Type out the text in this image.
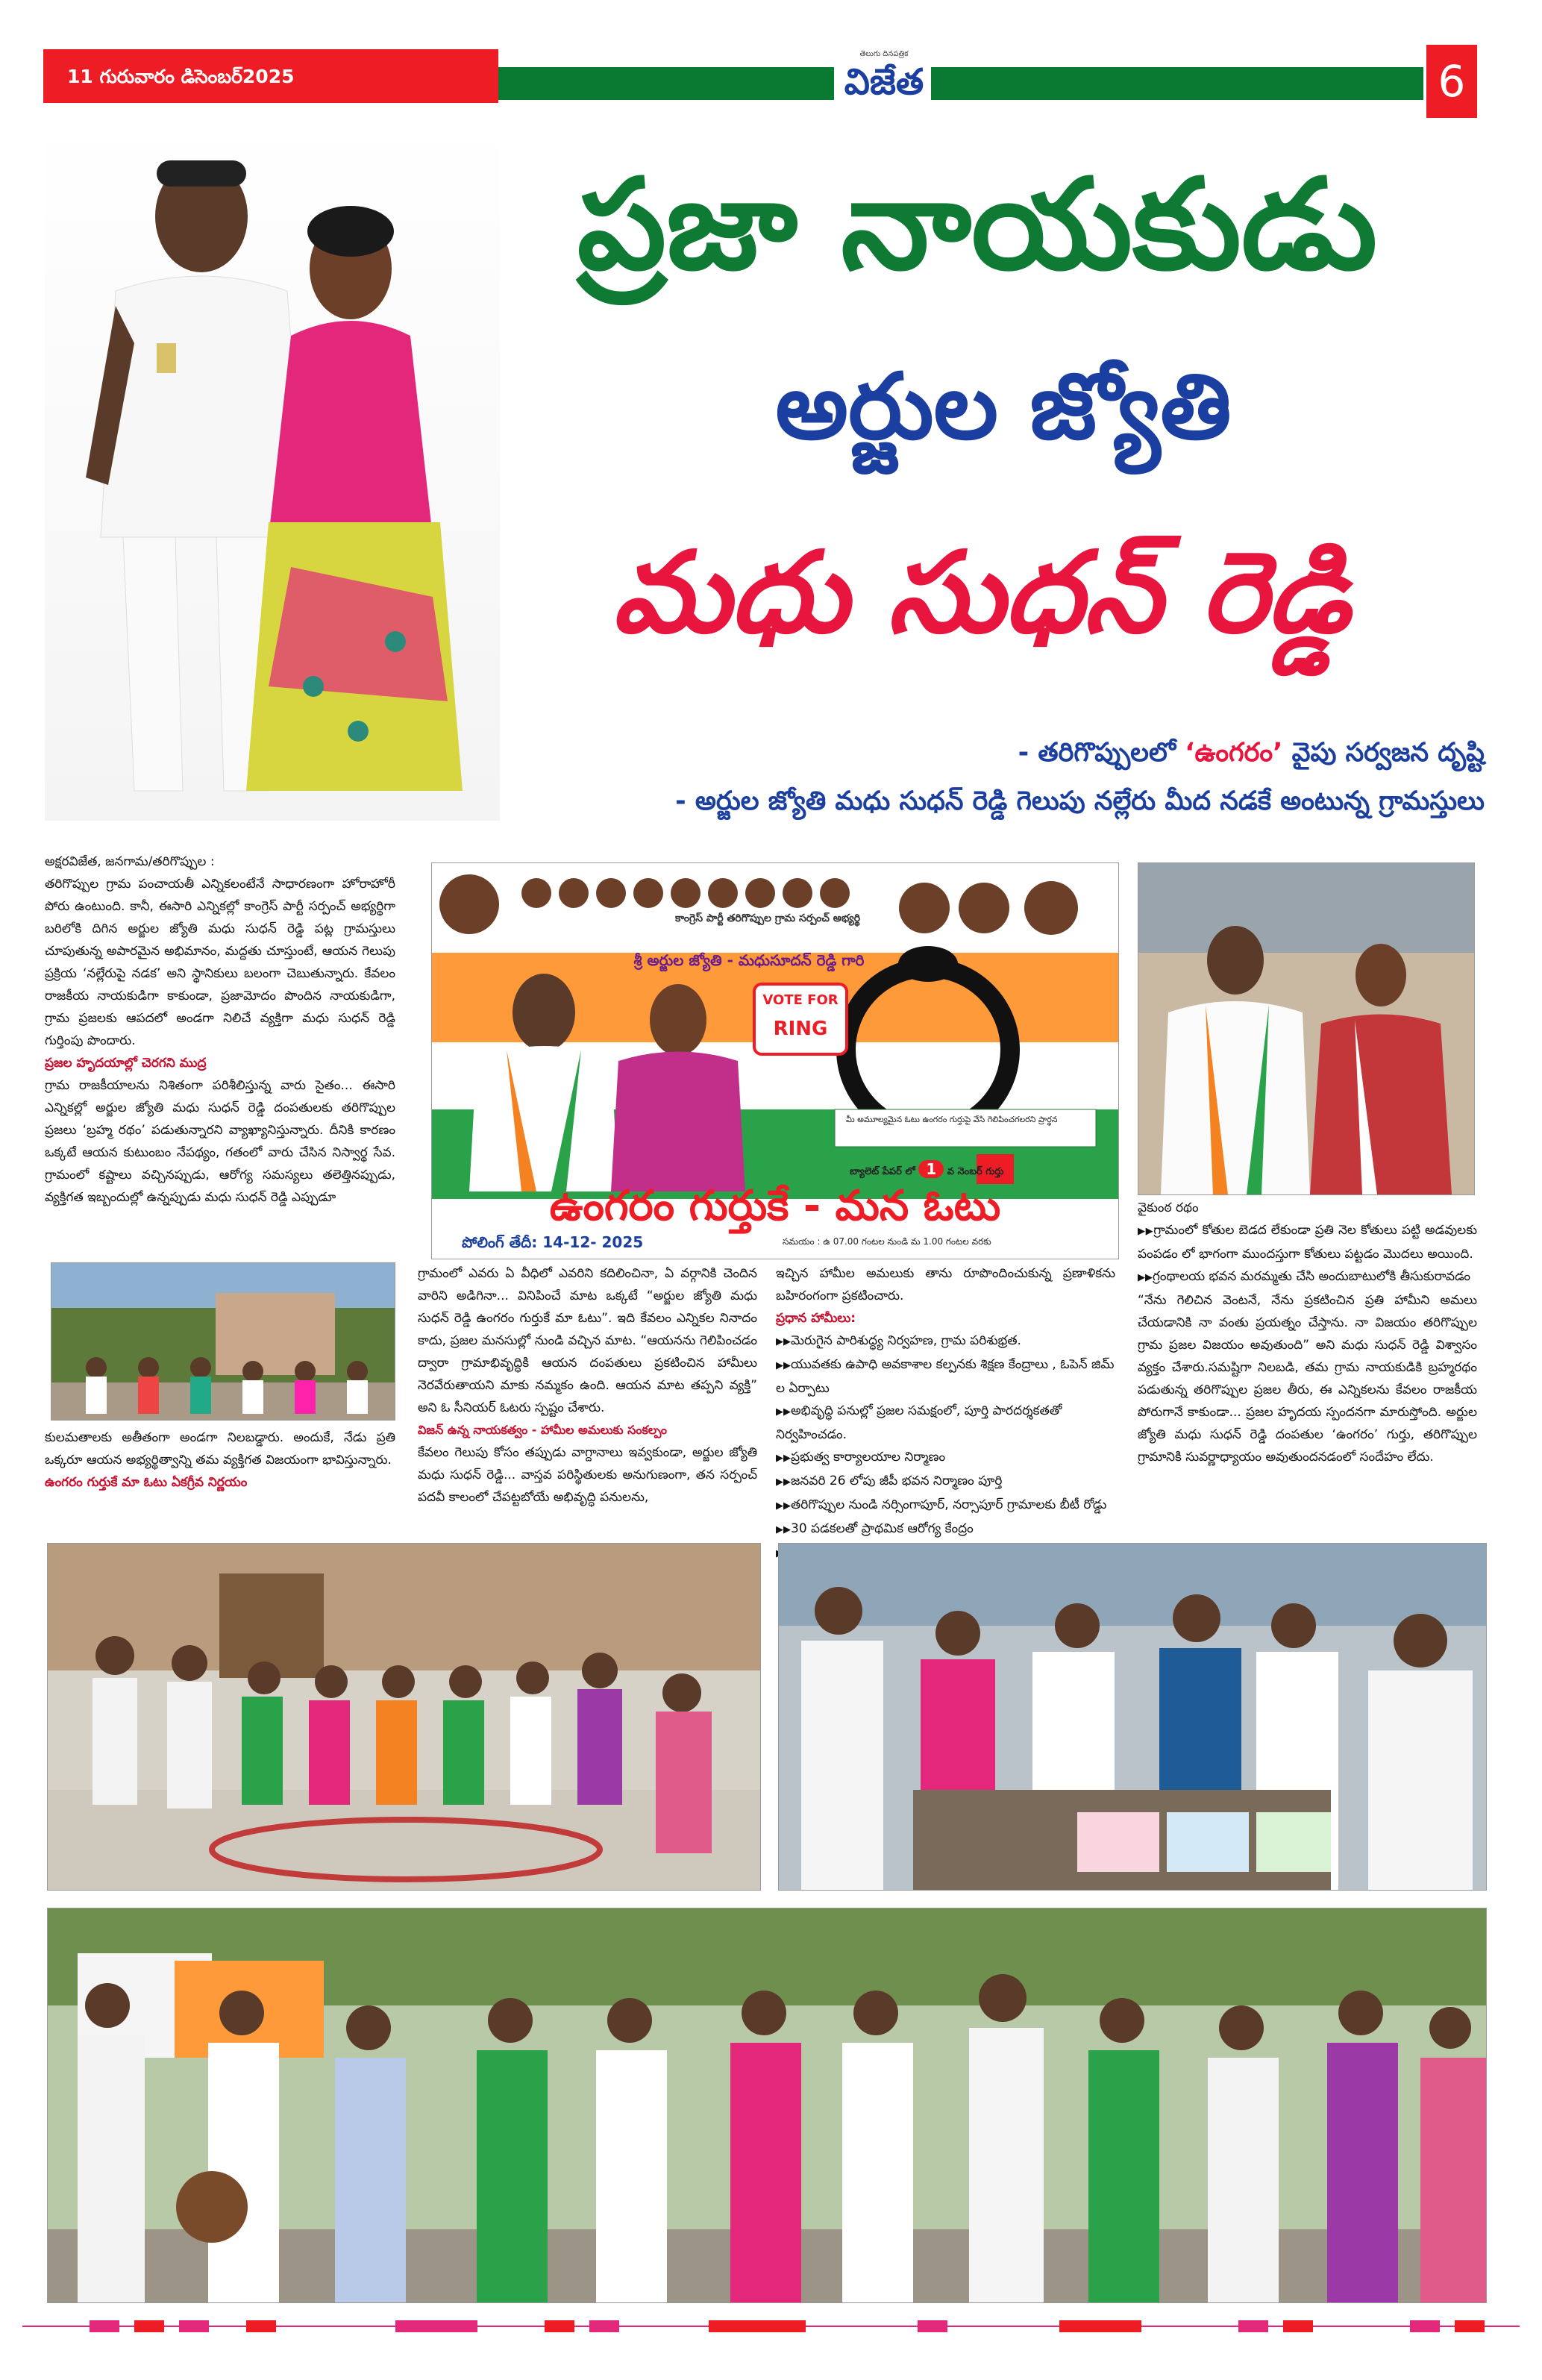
11 గురువారం డిసెంబర్2025
తెలుగు దినపత్రిక
విజేత	6
ప్రజా నాయకుడు
అర్జుల జ్యోతి
మధు సుధన్ రెడ్డి
- తరిగొప్పులలో ‘ఉంగరం’ వైపు సర్వజన దృష్టి
- అర్జుల జ్యోతి మధు సుధన్ రెడ్డి గెలుపు నల్లేరు మీద నడకే అంటున్న గ్రామస్తులు
అక్షరవిజేత, జనగామ/తరిగొప్పుల :
తరిగొప్పుల గ్రామ పంచాయతీ ఎన్నికలంటేనే సాధారణంగా హోరాహోరీ పోరు ఉంటుంది. కానీ, ఈసారి ఎన్నికల్లో కాంగ్రెస్ పార్టీ సర్పంచ్ అభ్యర్థిగా బరిలోకి దిగిన అర్జుల జ్యోతి మధు సుధన్ రెడ్డి పట్ల గ్రామస్తులు చూపుతున్న అపారమైన అభిమానం, మద్దతు చూస్తుంటే, ఆయన గెలుపు ప్రక్రియ ‘నల్లేరుపై నడక’ అని స్థానికులు బలంగా చెబుతున్నారు. కేవలం రాజకీయ నాయకుడిగా కాకుండా, ప్రజామోదం పొందిన నాయకుడిగా, గ్రామ ప్రజలకు ఆపదలో అండగా నిలిచే వ్యక్తిగా మధు సుధన్ రెడ్డి గుర్తింపు పొందారు.
ప్రజల హృదయాల్లో చెరగని ముద్ర
గ్రామ రాజకీయాలను నిశితంగా పరిశీలిస్తున్న వారు సైతం... ఈసారి ఎన్నికల్లో అర్జుల జ్యోతి మధు సుధన్ రెడ్డి దంపతులకు తరిగొప్పుల ప్రజలు ‘బ్రహ్మ రథం’ పడుతున్నారని వ్యాఖ్యానిస్తున్నారు. దీనికి కారణం ఒక్కటే ఆయన కుటుంబం నేపథ్యం, గతంలో వారు చేసిన నిస్వార్థ సేవ. గ్రామంలో కష్టాలు వచ్చినప్పుడు, ఆరోగ్య సమస్యలు తలెత్తినప్పుడు, వ్యక్తిగత ఇబ్బందుల్లో ఉన్నప్పుడు మధు సుధన్ రెడ్డి ఎప్పుడూ
కులమతాలకు అతీతంగా అండగా నిలబడ్డారు. అందుకే, నేడు ప్రతి ఒక్కరూ ఆయన అభ్యర్థిత్వాన్ని తమ వ్యక్తిగత విజయంగా భావిస్తున్నారు.
ఉంగరం గుర్తుకే మా ఓటు ఏకగ్రీవ నిర్ణయం
కాంగ్రెస్ పార్టీ తరిగొప్పుల గ్రామ సర్పంచ్ అభ్యర్థి
శ్రీ అర్జుల జ్యోతి - మధుసూదన్ రెడ్డి గారి
VOTE FOR
RING
మీ అమూల్యమైన ఓటు ఉంగరం గుర్తుపై వేసి గెలిపించగలరని ప్రార్థన
బ్యాలెట్ పేపర్ లో 1 వ నెంబర్ గుర్తు
ఉంగరం గుర్తుకే - మన ఓటు
పోలింగ్ తేదీ: 14-12- 2025	సమయం : ఉ 07.00 గంటల నుండి మ 1.00 గంటల వరకు
గ్రామంలో ఎవరు ఏ వీధిలో ఎవరిని కదిలించినా, ఏ వర్గానికి చెందిన వారిని అడిగినా... వినిపించే మాట ఒక్కటే “అర్జుల జ్యోతి మధు సుధన్ రెడ్డి ఉంగరం గుర్తుకే మా ఓటు”. ఇది కేవలం ఎన్నికల నినాదం కాదు, ప్రజల మనసుల్లో నుండి వచ్చిన మాట. “ఆయనను గెలిపించడం ద్వారా గ్రామాభివృద్ధికి ఆయన దంపతులు ప్రకటించిన హామీలు నెరవేరుతాయని మాకు నమ్మకం ఉంది. ఆయన మాట తప్పని వ్యక్తి” అని ఓ సీనియర్ ఓటరు స్పష్టం చేశారు.
విజన్ ఉన్న నాయకత్వం - హామీల అమలుకు సంకల్పం
కేవలం గెలుపు కోసం తప్పుడు వాగ్దానాలు ఇవ్వకుండా, అర్జుల జ్యోతి మధు సుధన్ రెడ్డి... వాస్తవ పరిస్థితులకు అనుగుణంగా, తన సర్పంచ్ పదవీ కాలంలో చేపట్టబోయే అభివృద్ధి పనులను,
ఇచ్చిన హామీల అమలుకు తాను రూపొందించుకున్న ప్రణాళికను బహిరంగంగా ప్రకటించారు.
ప్రధాన హామీలు:
▶▶ మెరుగైన పారిశుద్ధ్య నిర్వహణ, గ్రామ పరిశుభ్రత.
▶▶ యువతకు ఉపాధి అవకాశాల కల్పనకు శిక్షణ కేంద్రాలు , ఓపెన్ జిమ్ ల ఏర్పాటు
▶▶ అభివృద్ధి పనుల్లో ప్రజల సమక్షంలో, పూర్తి పారదర్శకతతో నిర్వహించడం.
▶▶ ప్రభుత్వ కార్యాలయాల నిర్మాణం
▶▶ జనవరి 26 లోపు జీపీ భవన నిర్మాణం పూర్తి
▶▶ తరిగొప్పుల నుండి నర్సింగాపూర్, నర్సాపూర్ గ్రామాలకు బీటీ రోడ్డు
▶▶ 30 పడకలతో ప్రాథమిక ఆరోగ్య కేంద్రం
▶▶
వైకుంఠ రథం
▶▶ గ్రామంలో కోతుల బెడద లేకుండా ప్రతి నెల కోతులు పట్టి అడవులకు పంపడం లో భాగంగా ముందస్తుగా కోతులు పట్టడం మొదలు అయింది.
▶▶ గ్రంథాలయ భవన మరమ్మతు చేసి అందుబాటులోకి తీసుకురావడం
“నేను గెలిచిన వెంటనే, నేను ప్రకటించిన ప్రతి హామీని అమలు చేయడానికి నా వంతు ప్రయత్నం చేస్తాను. నా విజయం తరిగొప్పుల గ్రామ ప్రజల విజయం అవుతుంది” అని మధు సుధన్ రెడ్డి విశ్వాసం వ్యక్తం చేశారు.సమష్టిగా నిలబడి, తమ గ్రామ నాయకుడికి బ్రహ్మరథం పడుతున్న తరిగొప్పుల ప్రజల తీరు, ఈ ఎన్నికలను కేవలం రాజకీయ పోరుగానే కాకుండా... ప్రజల హృదయ స్పందనగా మారుస్తోంది. అర్జుల జ్యోతి మధు సుధన్ రెడ్డి దంపతుల ‘ఉంగరం’ గుర్తు, తరిగొప్పుల గ్రామానికి సువర్ణాధ్యాయం అవుతుందనడంలో సందేహం లేదు.
